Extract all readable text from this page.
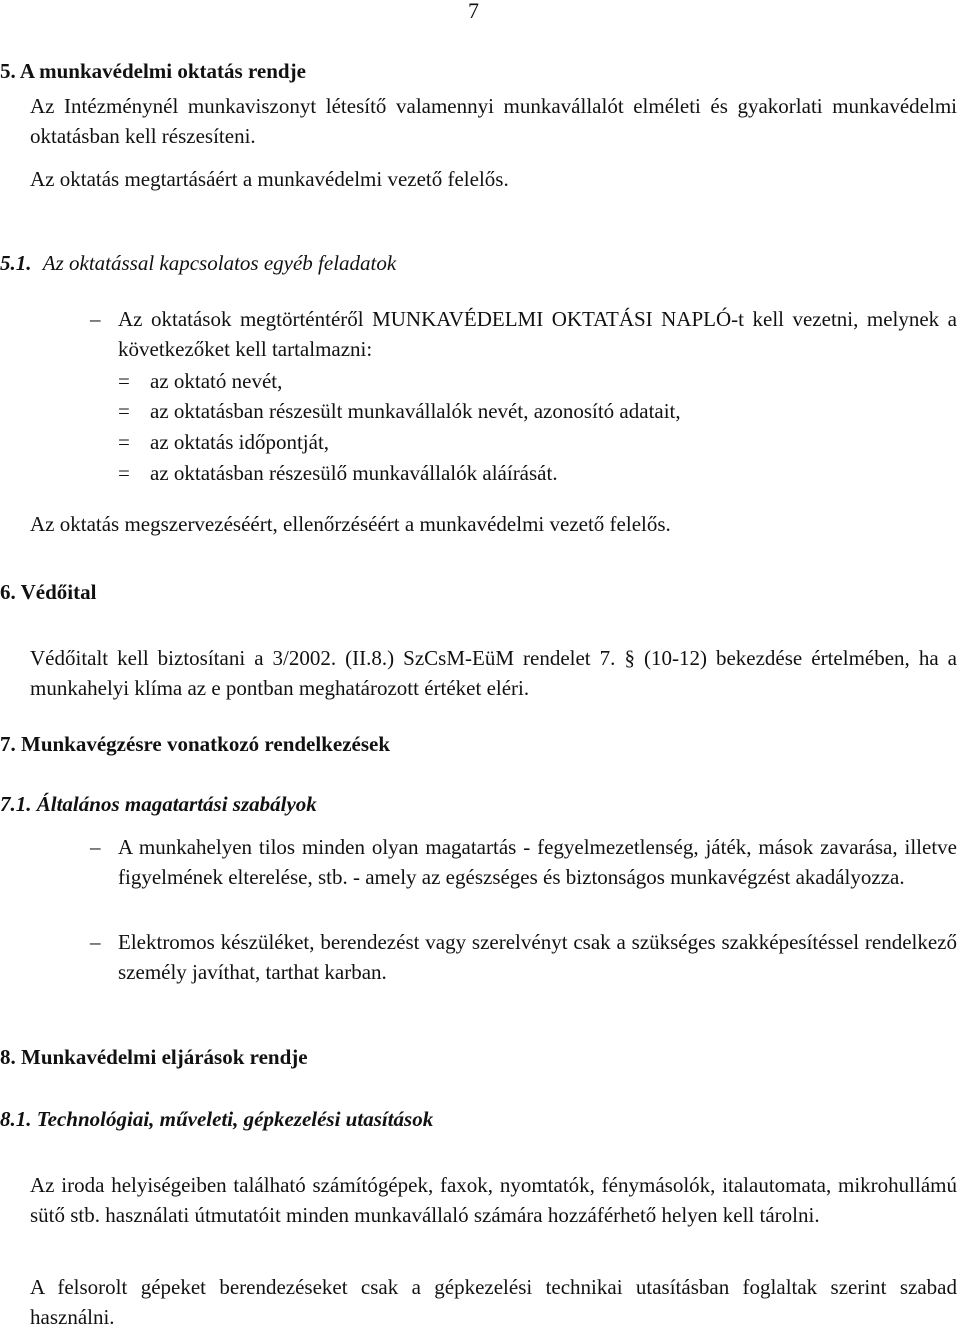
7

5. A munkavédelmi oktatás rendje

Az Intézménynél munkaviszonyt létesítő valamennyi munkavállalót elméleti és gyakorlati munkavédelmi oktatásban kell részesíteni.

Az oktatás megtartásáért a munkavédelmi vezető felelős.

5.1.

Az oktatással kapcsolatos egyéb feladatok

– Az oktatások megtörténtéről MUNKAVÉDELMI OKTATÁSI NAPLÓ-t kell vezetni, melynek a következőket kell tartalmazni:
= az oktató nevét,
= az oktatásban részesült munkavállalók nevét, azonosító adatait,
= az oktatás időpontját,
= az oktatásban részesülő munkavállalók aláírását.

Az oktatás megszervezéséért, ellenőrzéséért a munkavédelmi vezető felelős.

6. Védőital

Védőitalt kell biztosítani a 3/2002. (II.8.) SzCsM-EüM rendelet 7. § (10-12) bekezdése értelmében, ha a munkahelyi klíma az e pontban meghatározott értéket eléri.

7. Munkavégzésre vonatkozó rendelkezések

7.1. Általános magatartási szabályok

– A munkahelyen tilos minden olyan magatartás - fegyelmezetlenség, játék, mások zavarása, illetve figyelmének elterelése, stb. - amely az egészséges és biztonságos munkavégzést akadályozza.
– Elektromos készüléket, berendezést vagy szerelvényt csak a szükséges szakképesítéssel rendelkező személy javíthat, tarthat karban.

8. Munkavédelmi eljárások rendje

8.1. Technológiai, műveleti, gépkezelési utasítások

Az iroda helyiségeiben található számítógépek, faxok, nyomtatók, fénymásolók, italautomata, mikrohullámú sütő stb. használati útmutatóit minden munkavállaló számára hozzáférhető helyen kell tárolni.

A felsorolt gépeket berendezéseket csak a gépkezelési technikai utasításban foglaltak szerint szabad használni.
